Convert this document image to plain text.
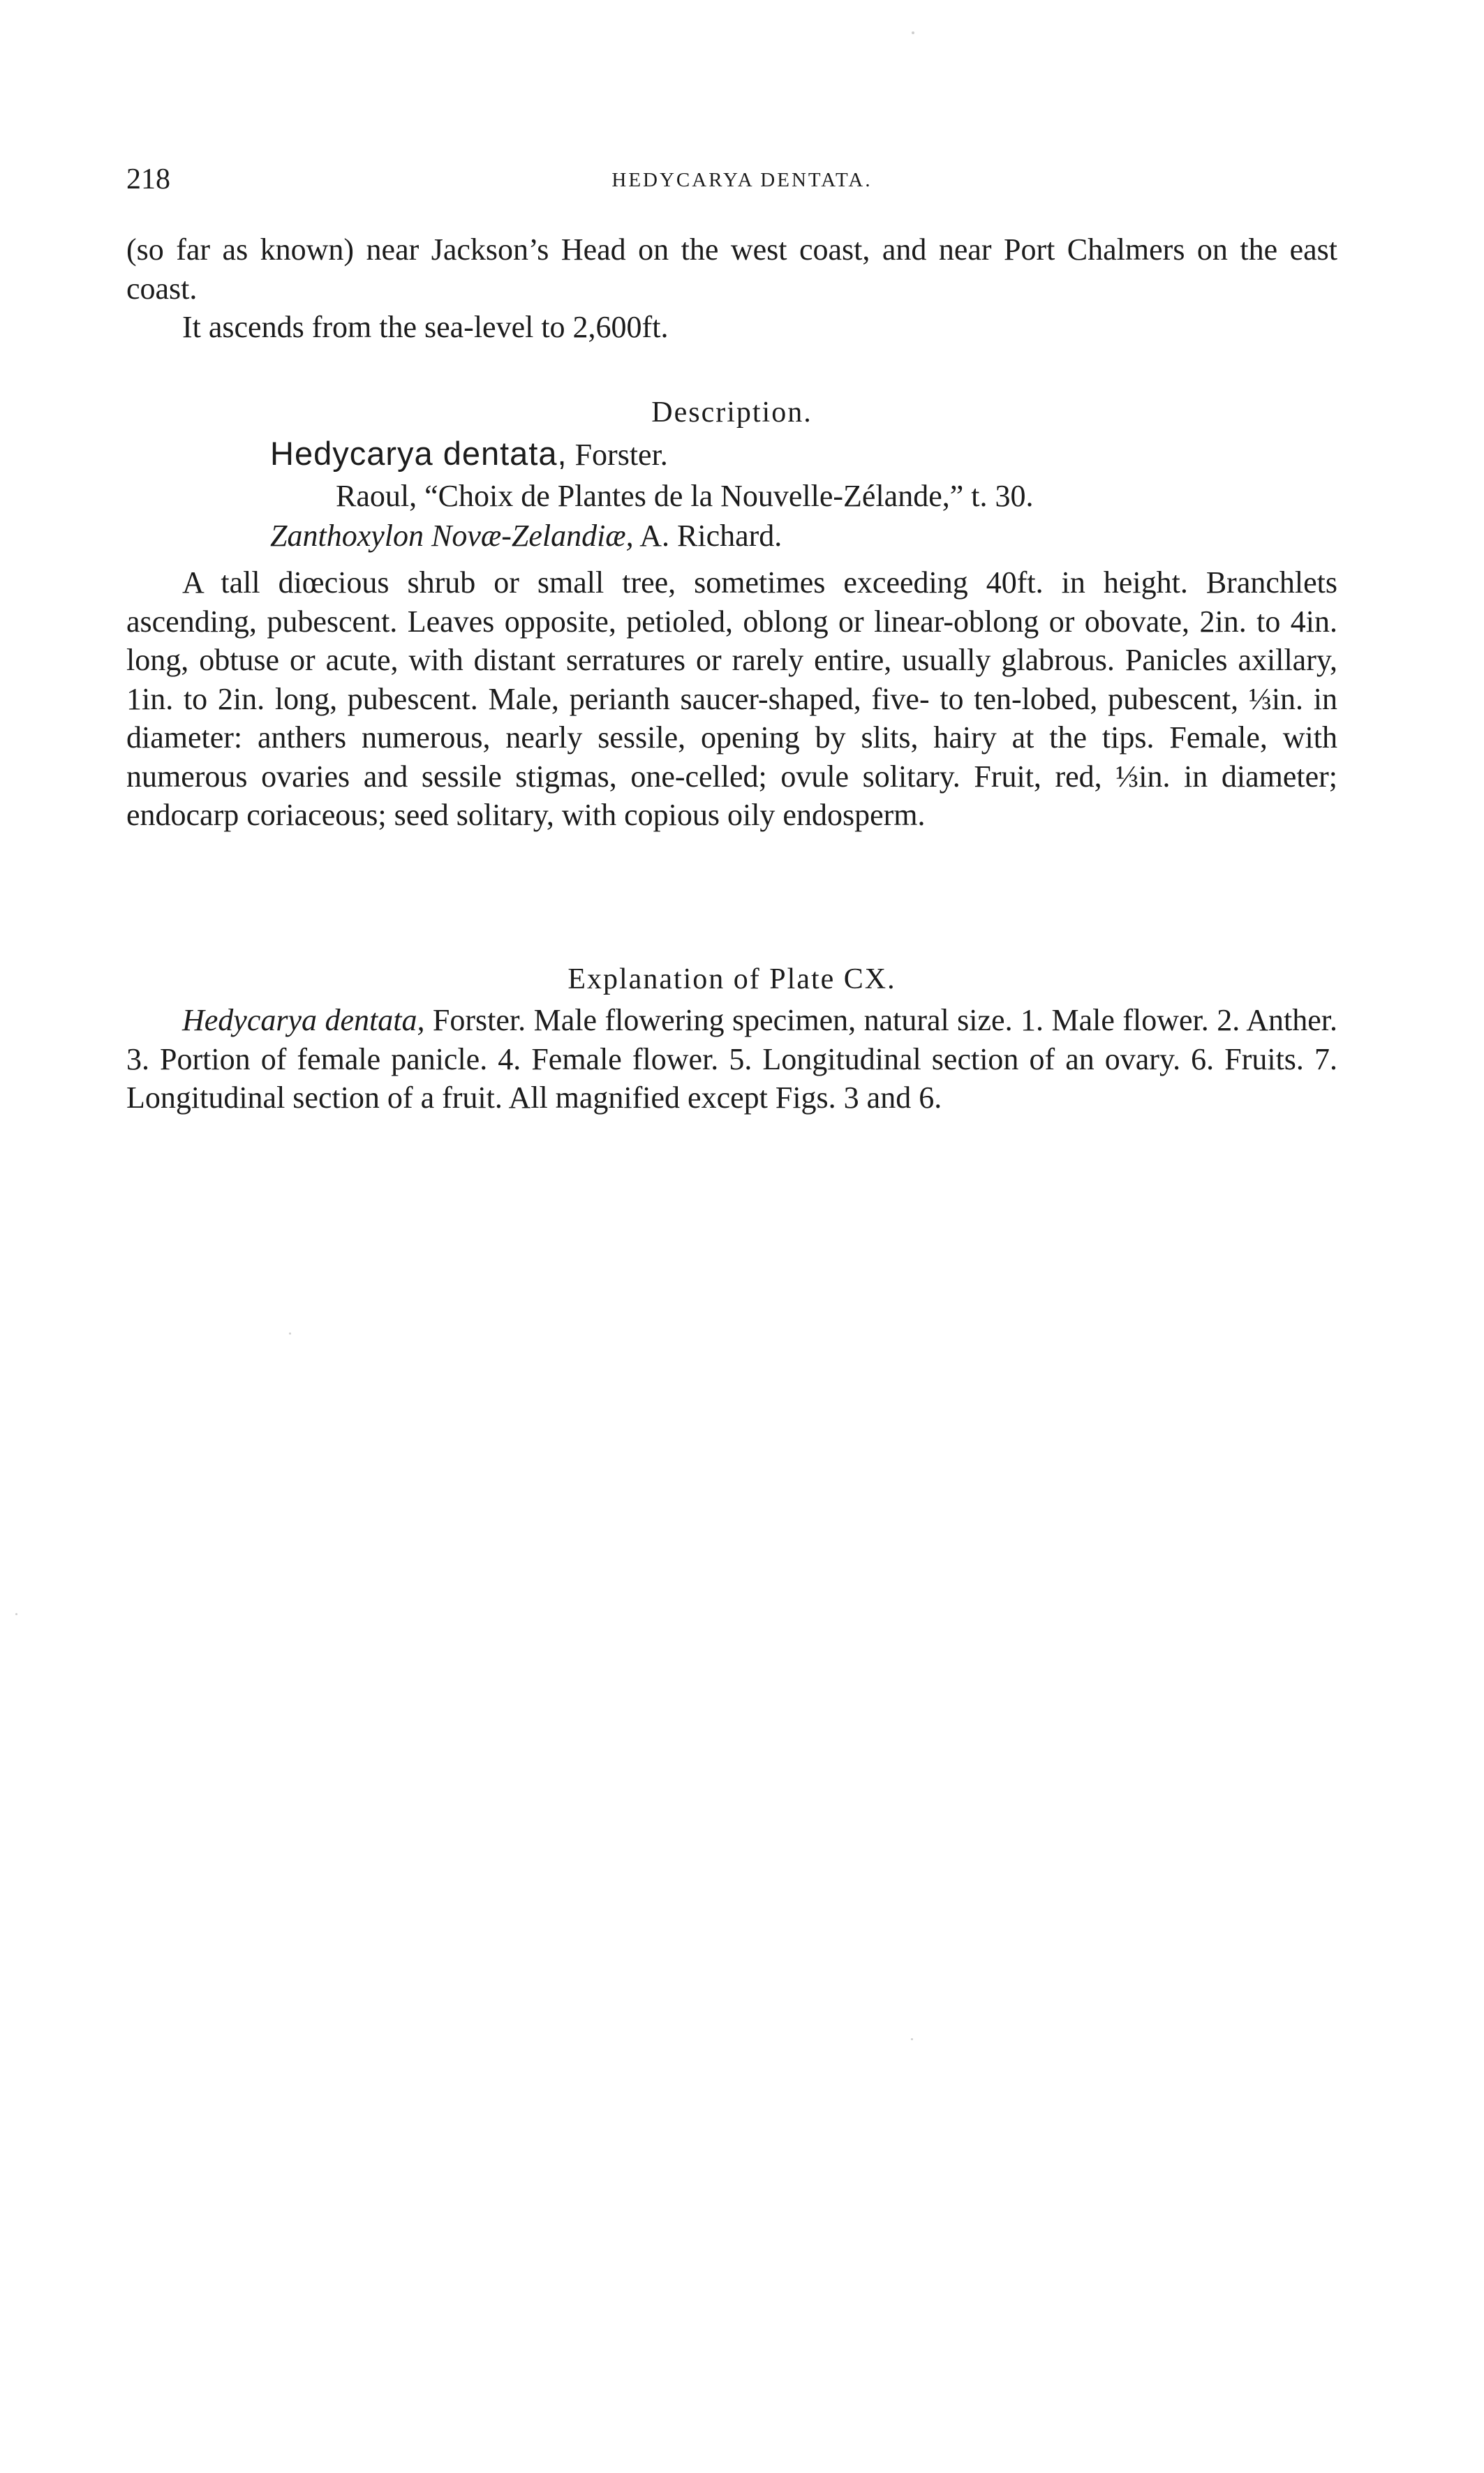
218	HEDYCARYA DENTATA.

(so far as known) near Jackson’s Head on the west coast, and near Port Chalmers on the east coast.

It ascends from the sea-level to 2,600ft.

Description.
Hedycarya dentata, Forster.
Raoul, “Choix de Plantes de la Nouvelle-Zélande,” t. 30.
Zanthoxylon Novæ-Zelandiæ, A. Richard.

A tall diœcious shrub or small tree, sometimes exceeding 40ft. in height. Branchlets ascending, pubescent. Leaves opposite, petioled, oblong or linear-oblong or obovate, 2in. to 4in. long, obtuse or acute, with distant serratures or rarely entire, usually glabrous. Panicles axillary, 1in. to 2in. long, pubescent. Male, perianth saucer-shaped, five- to ten-lobed, pubescent, ⅓in. in diameter: anthers numerous, nearly sessile, opening by slits, hairy at the tips. Female, with numerous ovaries and sessile stigmas, one-celled; ovule solitary. Fruit, red, ⅓in. in diameter; endocarp coriaceous; seed solitary, with copious oily endosperm.

Explanation of Plate CX.

Hedycarya dentata, Forster. Male flowering specimen, natural size. 1. Male flower. 2. Anther. 3. Portion of female panicle. 4. Female flower. 5. Longitudinal section of an ovary. 6. Fruits. 7. Longitudinal section of a fruit. All magnified except Figs. 3 and 6.
